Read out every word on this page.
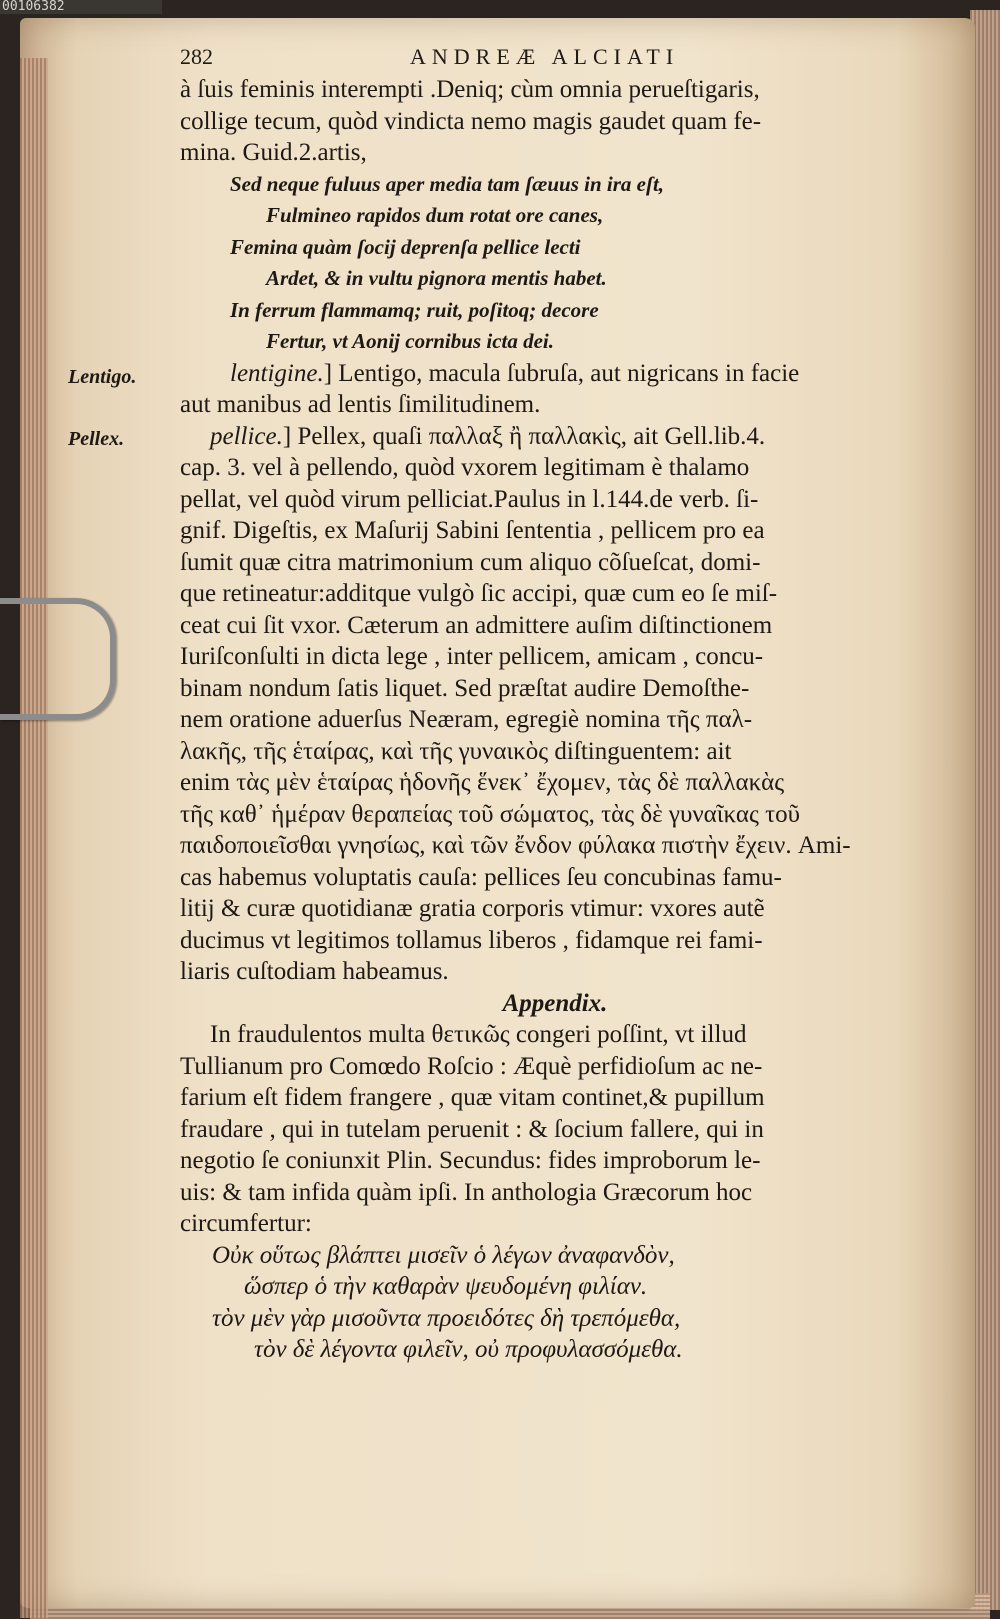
00106382
282	ANDREÆ ALCIATI
Lentigo.
Pellex.
à ſuis feminis interempti .Deniq; cùm omnia perueſtigaris,
collige tecum, quòd vindicta nemo magis gaudet quam fe-
mina. Guid.2.artis,
Sed neque fuluus aper media tam ſæuus in ira eſt,
Fulmineo rapidos dum rotat ore canes,
Femina quàm ſocij deprenſa pellice lecti
Ardet, & in vultu pignora mentis habet.
In ferrum flammamq; ruit, poſitoq; decore
Fertur, vt Aonij cornibus icta dei.
lentigine.] Lentigo, macula ſubruſa, aut nigricans in facie
aut manibus ad lentis ſimilitudinem.
pellice.] Pellex, quaſi παλλαξ ἢ παλλακὶς, ait Gell.lib.4.
cap. 3. vel à pellendo, quòd vxorem legitimam è thalamo
pellat, vel quòd virum pelliciat.Paulus in l.144.de verb. ſi-
gnif. Digeſtis, ex Maſurij Sabini ſententia , pellicem pro ea
ſumit quæ citra matrimonium cum aliquo cõſueſcat, domi-
que retineatur:additque vulgò ſic accipi, quæ cum eo ſe miſ-
ceat cui ſit vxor. Cæterum an admittere auſim diſtinctionem
Iuriſconſulti in dicta lege , inter pellicem, amicam , concu-
binam nondum ſatis liquet. Sed præſtat audire Demoſthe-
nem oratione aduerſus Neæram, egregiè nomina τῆς παλ-
λακῆς, τῆς ἑταίρας, καὶ τῆς γυναικὸς diſtinguentem: ait
enim τὰς μὲν ἑταίρας ἡδονῆς ἕνεκ᾽ ἔχομεν, τὰς δὲ παλλακὰς
τῆς καθ᾽ ἡμέραν θεραπείας τοῦ σώματος, τὰς δὲ γυναῖκας τοῦ
παιδοποιεῖσθαι γνησίως, καὶ τῶν ἔνδον φύλακα πιστὴν ἔχειν. Ami-
cas habemus voluptatis cauſa: pellices ſeu concubinas famu-
litij & curæ quotidianæ gratia corporis vtimur: vxores autẽ
ducimus vt legitimos tollamus liberos , fidamque rei fami-
liaris cuſtodiam habeamus.
Appendix.
In fraudulentos multa θετικῶς congeri poſſint, vt illud
Tullianum pro Comœdo Roſcio : Æquè perfidioſum ac ne-
farium eſt fidem frangere , quæ vitam continet,& pupillum
fraudare , qui in tutelam peruenit : & ſocium fallere, qui in
negotio ſe coniunxit Plin. Secundus: fides improborum le-
uis: & tam infida quàm ipſi. In anthologia Græcorum hoc
circumfertur:
Οὐκ οὕτως βλάπτει μισεῖν ὁ λέγων ἀναφανδὸν,
ὥσπερ ὁ τὴν καθαρὰν ψευδομένη φιλίαν.
τὸν μὲν γὰρ μισοῦντα προειδότες δὴ τρεπόμεθα,
τὸν δὲ λέγοντα φιλεῖν, οὐ προφυλασσόμεθα.
